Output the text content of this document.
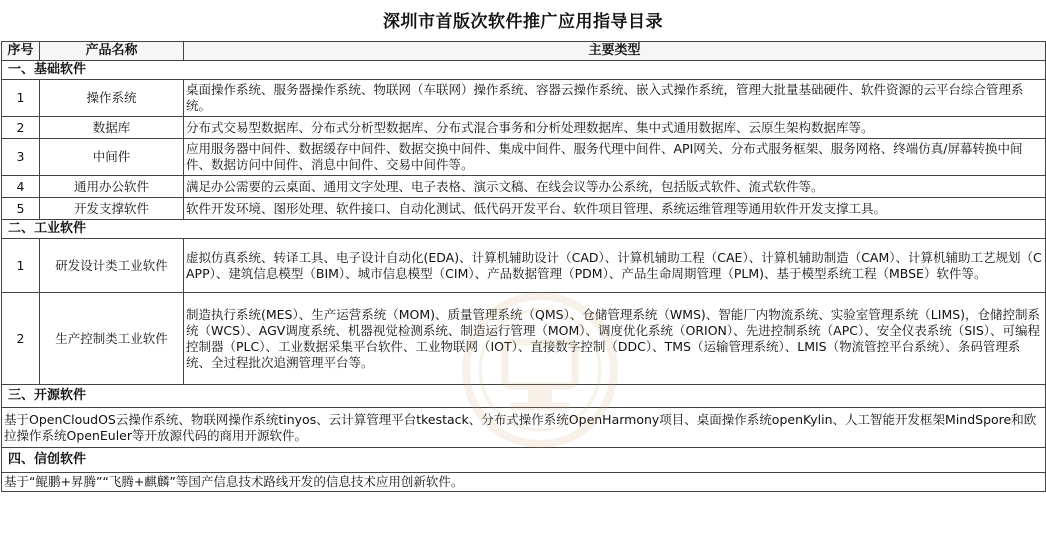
深圳市首版次软件推广应用指导目录
序号	产品名称	主要类型
一、基础软件		
1	操作系统	桌面操作系统、服务器操作系统、物联网（车联网）操作系统、容器云操作系统、嵌入式操作系统，管理大批量基础硬件、软件资源的云平台综合管理系统。
2	数据库	分布式交易型数据库、分布式分析型数据库、分布式混合事务和分析处理数据库、集中式通用数据库、云原生架构数据库等。
3	中间件	应用服务器中间件、数据缓存中间件、数据交换中间件、集成中间件、服务代理中间件、API网关、分布式服务框架、服务网格、终端仿真/屏幕转换中间件、数据访问中间件、消息中间件、交易中间件等。
4	通用办公软件	满足办公需要的云桌面、通用文字处理、电子表格、演示文稿、在线会议等办公系统，包括版式软件、流式软件等。
5	开发支撑软件	软件开发环境、图形处理、软件接口、自动化测试、低代码开发平台、软件项目管理、系统运维管理等通用软件开发支撑工具。
二、工业软件		
1	研发设计类工业软件	虚拟仿真系统、转译工具、电子设计自动化(EDA)、计算机辅助设计（CAD）、计算机辅助工程（CAE）、计算机辅助制造（CAM）、计算机辅助工艺规划（CAPP）、建筑信息模型（BIM）、城市信息模型（CIM）、产品数据管理（PDM）、产品生命周期管理（PLM)、基于模型系统工程（MBSE）软件等。
2	生产控制类工业软件	制造执行系统(MES）、生产运营系统（MOM)、质量管理系统（QMS）、仓储管理系统（WMS)、智能厂内物流系统、实验室管理系统（LIMS)，仓储控制系统（WCS）、AGV调度系统、机器视觉检测系统、制造运行管理（MOM）、调度优化系统（ORION）、先进控制系统（APC）、安全仪表系统（SIS）、可编程控制器（PLC）、工业数据采集平台软件、工业物联网（IOT）、直接数字控制（DDC）、TMS（运输管理系统）、LMIS（物流管控平台系统）、条码管理系统、全过程批次追溯管理平台等。
三、开源软件		
基于OpenCloudOS云操作系统、物联网操作系统tinyos、云计算管理平台tkestack、分布式操作系统OpenHarmony项目、桌面操作系统openKylin、人工智能开发框架MindSpore和欧拉操作系统OpenEuler等开放源代码的商用开源软件。		
四、信创软件		
基于“鲲鹏+昇腾”“飞腾+麒麟”等国产信息技术路线开发的信息技术应用创新软件。		
